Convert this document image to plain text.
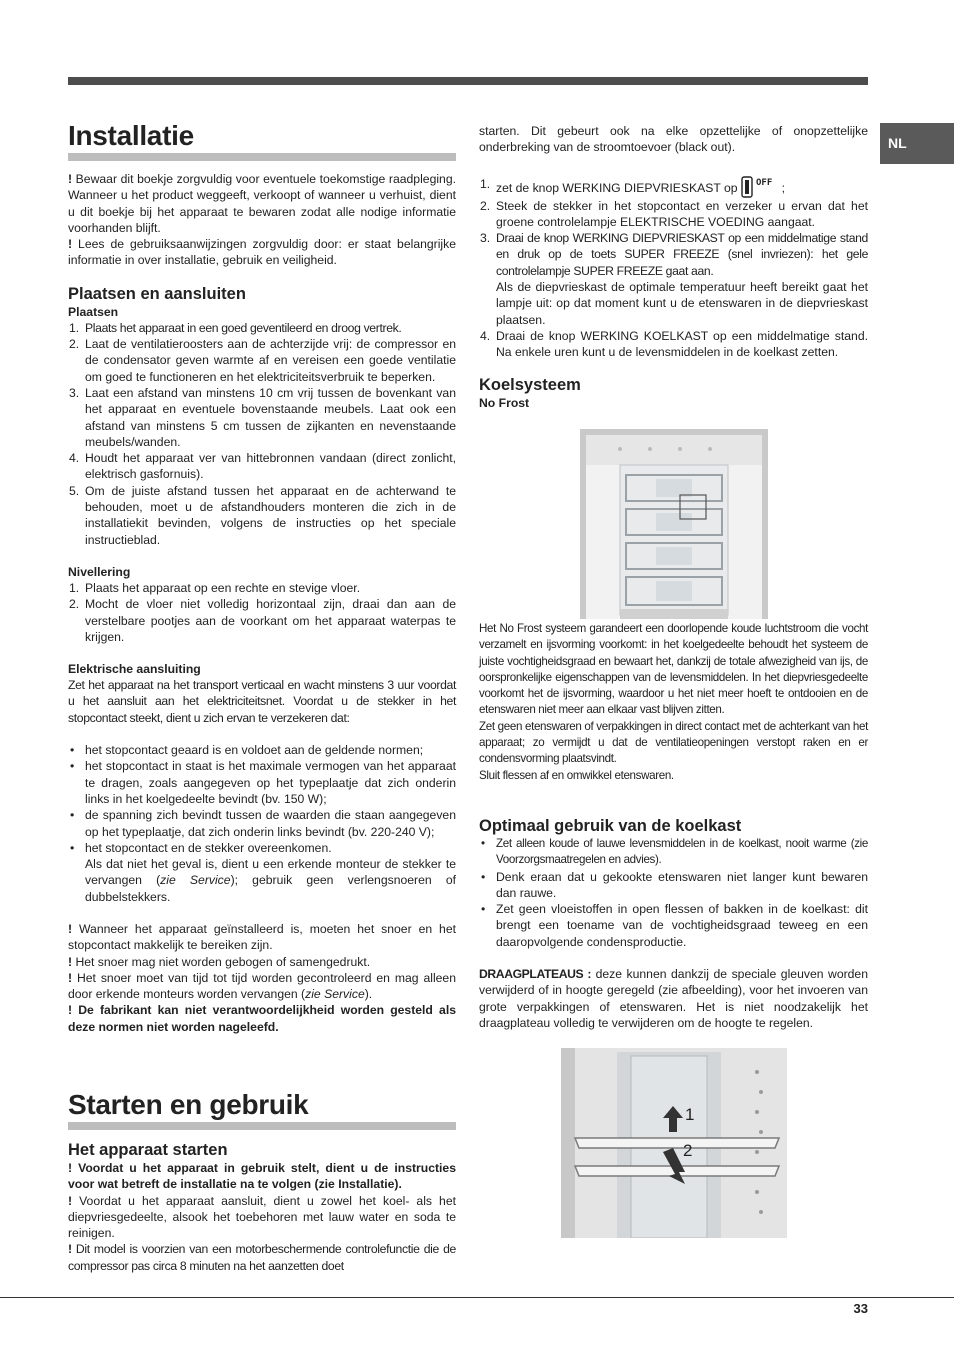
NL
Installatie

! Bewaar dit boekje zorgvuldig voor eventuele toekomstige raadpleging. Wanneer u het product weggeeft, verkoopt of wanneer u verhuist, dient u dit boekje bij het apparaat te bewaren zodat alle nodige informatie voorhanden blijft.

! Lees de gebruiksaanwijzingen zorgvuldig door: er staat belangrijke informatie in over installatie, gebruik en veiligheid.

Plaatsen en aansluiten
Plaatsen
1. Plaats het apparaat in een goed geventileerd en droog vertrek.
2. Laat de ventilatieroosters aan de achterzijde vrij: de compressor en de condensator geven warmte af en vereisen een goede ventilatie om goed te functioneren en het elektriciteitsverbruik te beperken.
3. Laat een afstand van minstens 10 cm vrij tussen de bovenkant van het apparaat en eventuele bovenstaande meubels. Laat ook een afstand van minstens 5 cm tussen de zijkanten en nevenstaande meubels/wanden.
4. Houdt het apparaat ver van hittebronnen vandaan (direct zonlicht, elektrisch gasfornuis).
5. Om de juiste afstand tussen het apparaat en de achterwand te behouden, moet u de afstandhouders monteren die zich in de installatiekit bevinden, volgens de instructies op het speciale instructieblad.
Nivellering
1. Plaats het apparaat op een rechte en stevige vloer.
2. Mocht de vloer niet volledig horizontaal zijn, draai dan aan de verstelbare pootjes aan de voorkant om het apparaat waterpas te krijgen.
Elektrische aansluiting

Zet het apparaat na het transport verticaal en wacht minstens 3 uur voordat u het aansluit aan het elektriciteitsnet. Voordat u de stekker in het stopcontact steekt, dient u zich ervan te verzekeren dat:

• het stopcontact geaard is en voldoet aan de geldende normen;
• het stopcontact in staat is het maximale vermogen van het apparaat te dragen, zoals aangegeven op het typeplaatje dat zich onderin links in het koelgedeelte bevindt (bv. 150 W);
• de spanning zich bevindt tussen de waarden die staan aangegeven op het typeplaatje, dat zich onderin links bevindt (bv. 220-240 V);
• het stopcontact en de stekker overeenkomen.

Als dat niet het geval is, dient u een erkende monteur de stekker te vervangen (zie Service); gebruik geen verlengsnoeren of dubbelstekkers.

! Wanneer het apparaat geïnstalleerd is, moeten het snoer en het stopcontact makkelijk te bereiken zijn.

! Het snoer mag niet worden gebogen of samengedrukt.

! Het snoer moet van tijd tot tijd worden gecontroleerd en mag alleen door erkende monteurs worden vervangen (zie Service).

! De fabrikant kan niet verantwoordelijkheid worden gesteld als deze normen niet worden nageleefd.

Starten en gebruik
Het apparaat starten

! Voordat u het apparaat in gebruik stelt, dient u de instructies voor wat betreft de installatie na te volgen (zie Installatie).

! Voordat u het apparaat aansluit, dient u zowel het koel- als het diepvriesgedeelte, alsook het toebehoren met lauw water en soda te reinigen.

! Dit model is voorzien van een motorbeschermende controlefunctie die de compressor pas circa 8 minuten na het aanzetten doet

starten. Dit gebeurt ook na elke opzettelijke of onopzettelijke onderbreking van de stroomtoevoer (black out).

1. zet de knop WERKING DIEPVRIESKAST op OFF ;
2. Steek de stekker in het stopcontact en verzeker u ervan dat het groene controlelampje ELEKTRISCHE VOEDING aangaat.
3. Draai de knop WERKING DIEPVRIESKAST op een middelmatige stand en druk op de toets SUPER FREEZE (snel invriezen): het gele controlelampje SUPER FREEZE gaat aan.
Als de diepvrieskast de optimale temperatuur heeft bereikt gaat het lampje uit: op dat moment kunt u de etenswaren in de diepvrieskast plaatsen.
4. Draai de knop WERKING KOELKAST op een middelmatige stand. Na enkele uren kunt u de levensmiddelen in de koelkast zetten.
Koelsysteem
No Frost

Het No Frost systeem garandeert een doorlopende koude luchtstroom die vocht verzamelt en ijsvorming voorkomt: in het koelgedeelte behoudt het systeem de juiste vochtigheidsgraad en bewaart het, dankzij de totale afwezigheid van ijs, de oorspronkelijke eigenschappen van de levensmiddelen. In het diepvriesgedeelte voorkomt het de ijsvorming, waardoor u het niet meer hoeft te ontdooien en de etenswaren niet meer aan elkaar vast blijven zitten.

Zet geen etenswaren of verpakkingen in direct contact met de achterkant van het apparaat; zo vermijdt u dat de ventilatieopeningen verstopt raken en er condensvorming plaatsvindt.

Sluit flessen af en omwikkel etenswaren.

Optimaal gebruik van de koelkast
• Zet alleen koude of lauwe levensmiddelen in de koelkast, nooit warme (zie Voorzorgsmaatregelen en advies).
• Denk eraan dat u gekookte etenswaren niet langer kunt bewaren dan rauwe.
• Zet geen vloeistoffen in open flessen of bakken in de koelkast: dit brengt een toename van de vochtigheidsgraad teweeg en een daaropvolgende condensproductie.

DRAAGPLATEAUS : deze kunnen dankzij de speciale gleuven worden verwijderd of in hoogte geregeld (zie afbeelding), voor het invoeren van grote verpakkingen of etenswaren. Het is niet noodzakelijk het draagplateau volledig te verwijderen om de hoogte te regelen.

1
2
33
